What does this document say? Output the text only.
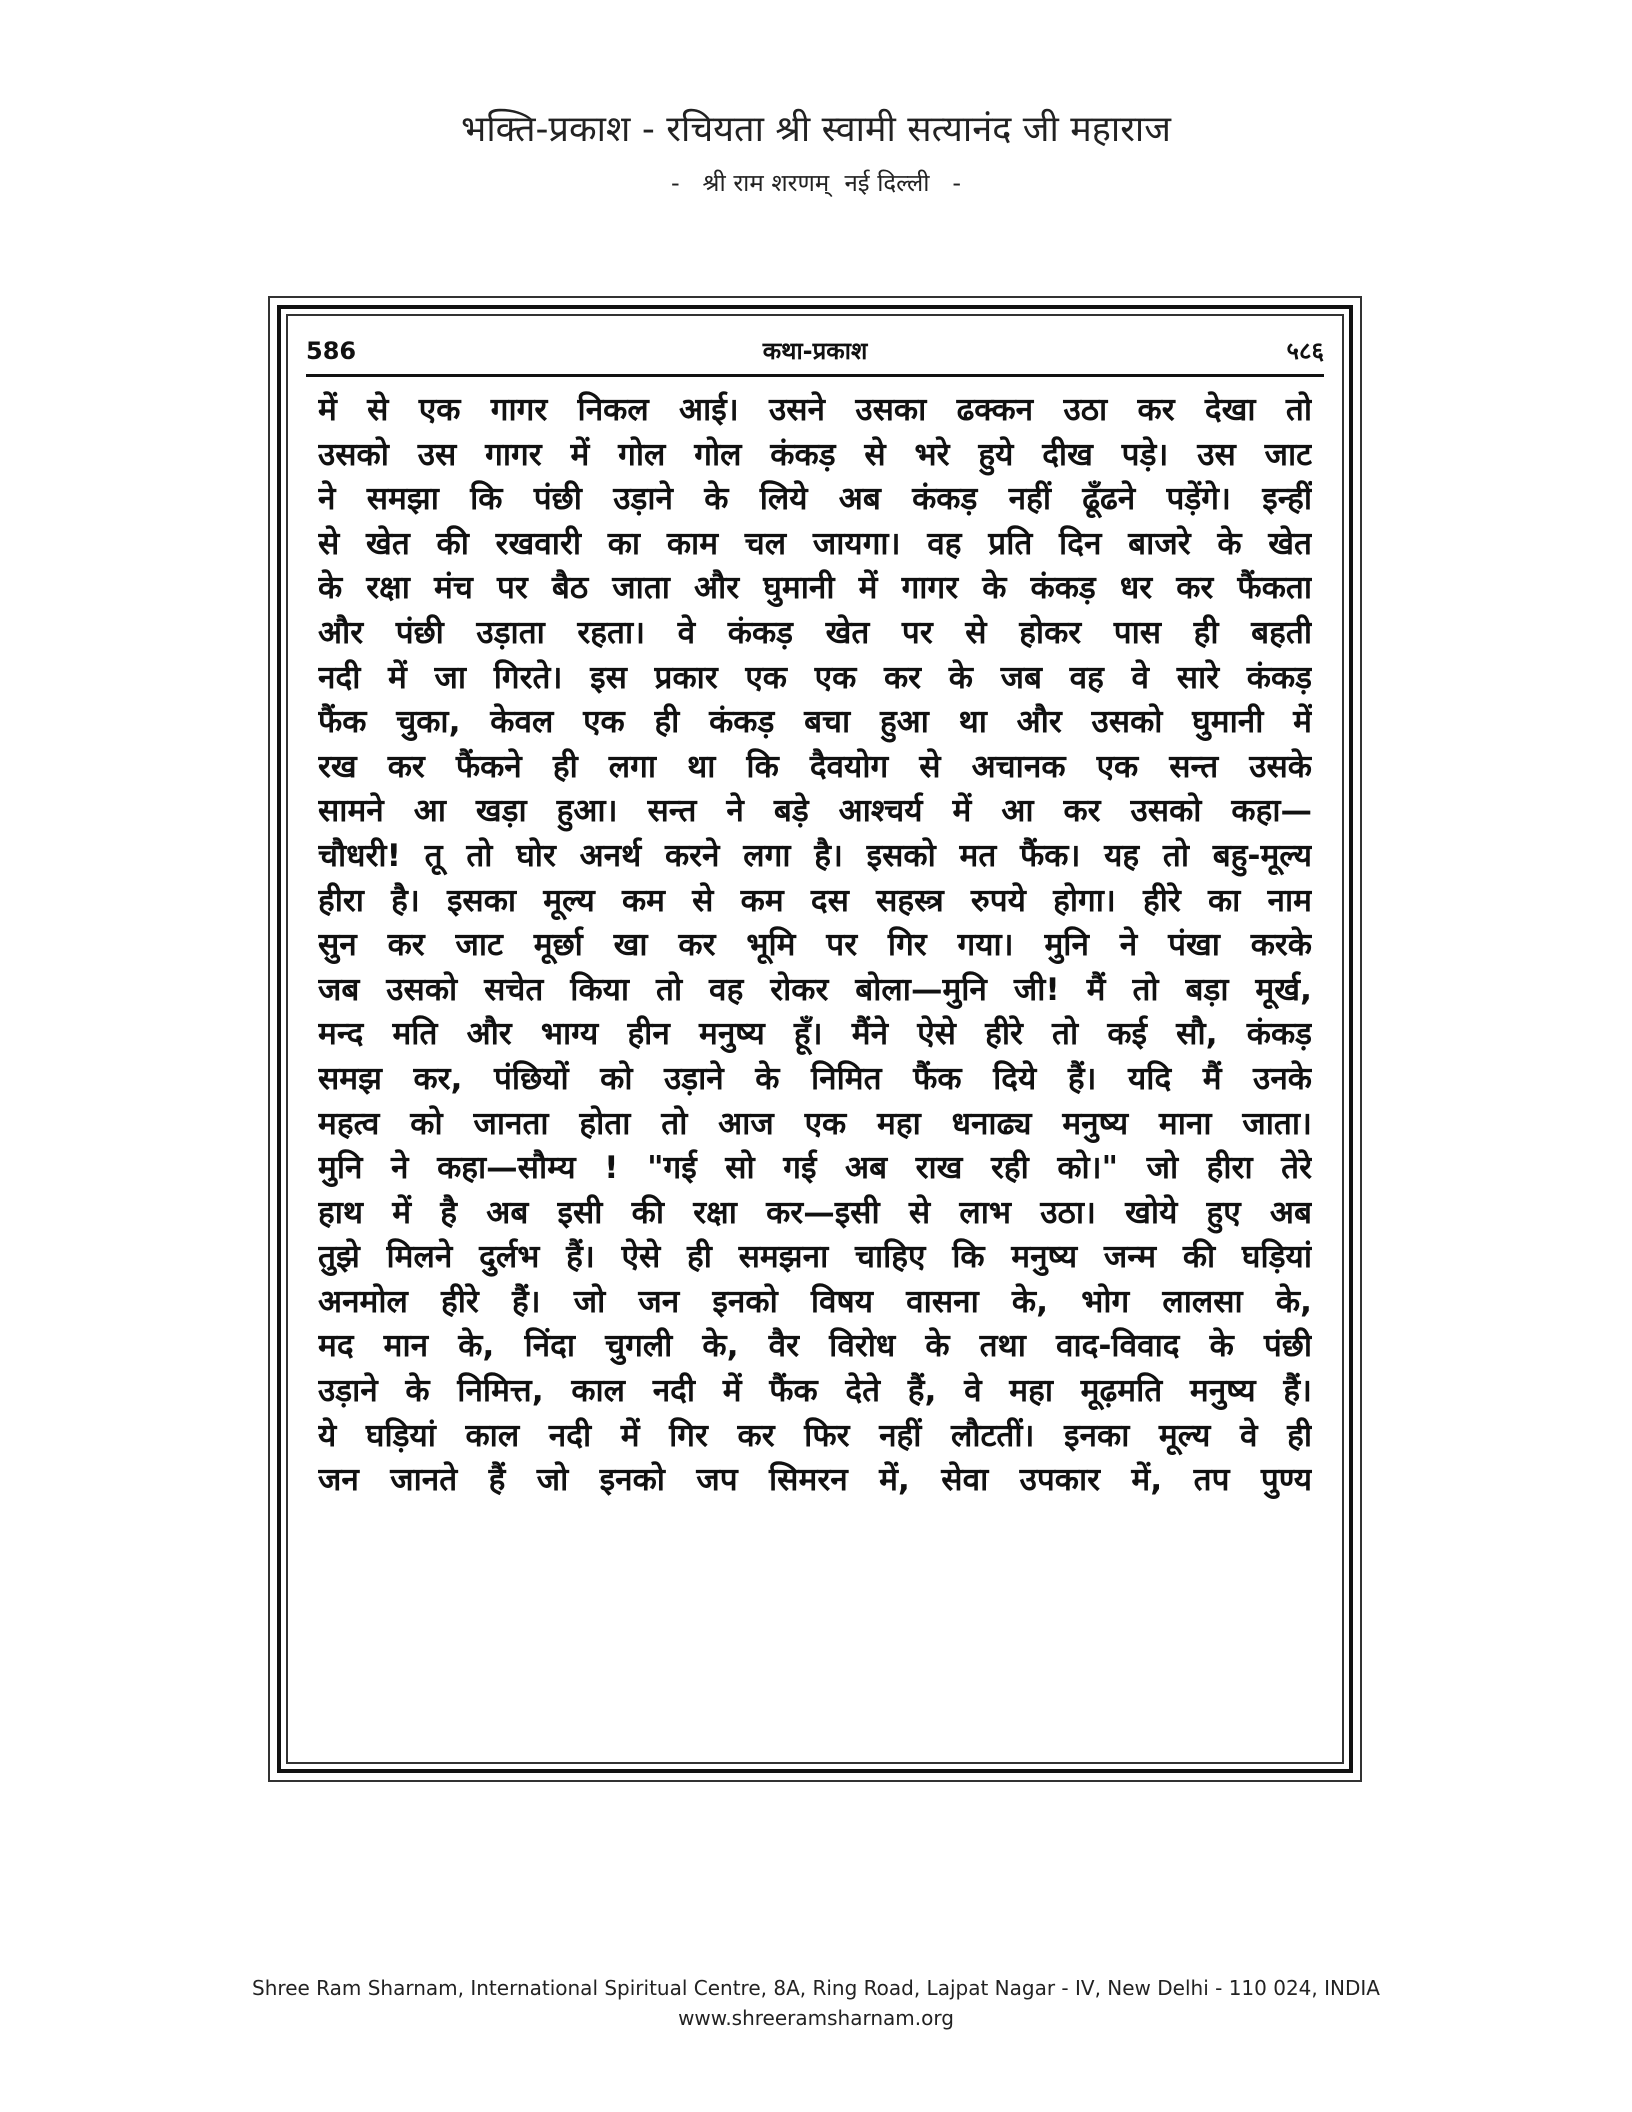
भक्ति-प्रकाश - रचियता श्री स्वामी सत्यानंद जी महाराज
-   श्री राम शरणम्  नई दिल्ली   -
586	कथा-प्रकाश	५८६
में से एक गागर निकल आई। उसने उसका ढक्कन उठा कर देखा तो
उसको उस गागर में गोल गोल कंकड़ से भरे हुये दीख पड़े। उस जाट
ने समझा कि पंछी उड़ाने के लिये अब कंकड़ नहीं ढूँढने पड़ेंगे। इन्हीं
से खेत की रखवारी का काम चल जायगा। वह प्रति दिन बाजरे के खेत
के रक्षा मंच पर बैठ जाता और घुमानी में गागर के कंकड़ धर कर फैंकता
और पंछी उड़ाता रहता। वे कंकड़ खेत पर से होकर पास ही बहती
नदी में जा गिरते। इस प्रकार एक एक कर के जब वह वे सारे कंकड़
फैंक चुका, केवल एक ही कंकड़ बचा हुआ था और उसको घुमानी में
रख कर फैंकने ही लगा था कि दैवयोग से अचानक एक सन्त उसके
सामने आ खड़ा हुआ। सन्त ने बड़े आश्चर्य में आ कर उसको कहा—
चौधरी! तू तो घोर अनर्थ करने लगा है। इसको मत फैंक। यह तो बहु-मूल्य
हीरा है। इसका मूल्य कम से कम दस सहस्त्र रुपये होगा। हीरे का नाम
सुन कर जाट मूर्छा खा कर भूमि पर गिर गया। मुनि ने पंखा करके
जब उसको सचेत किया तो वह रोकर बोला—मुनि जी! मैं तो बड़ा मूर्ख,
मन्द मति और भाग्य हीन मनुष्य हूँ। मैंने ऐसे हीरे तो कई सौ, कंकड़
समझ कर, पंछियों को उड़ाने के निमित फैंक दिये हैं। यदि मैं उनके
महत्व को जानता होता तो आज एक महा धनाढ्य मनुष्य माना जाता।
मुनि ने कहा—सौम्य ! "गई सो गई अब राख रही को।" जो हीरा तेरे
हाथ में है अब इसी की रक्षा कर—इसी से लाभ उठा। खोये हुए अब
तुझे मिलने दुर्लभ हैं। ऐसे ही समझना चाहिए कि मनुष्य जन्म की घड़ियां
अनमोल हीरे हैं। जो जन इनको विषय वासना के, भोग लालसा के,
मद मान के, निंदा चुगली के, वैर विरोध के तथा वाद-विवाद के पंछी
उड़ाने के निमित्त, काल नदी में फैंक देते हैं, वे महा मूढ़मति मनुष्य हैं।
ये घड़ियां काल नदी में गिर कर फिर नहीं लौटतीं। इनका मूल्य वे ही
जन जानते हैं जो इनको जप सिमरन में, सेवा उपकार में, तप पुण्य
Shree Ram Sharnam, International Spiritual Centre, 8A, Ring Road, Lajpat Nagar - IV, New Delhi - 110 024, INDIA
www.shreeramsharnam.org
